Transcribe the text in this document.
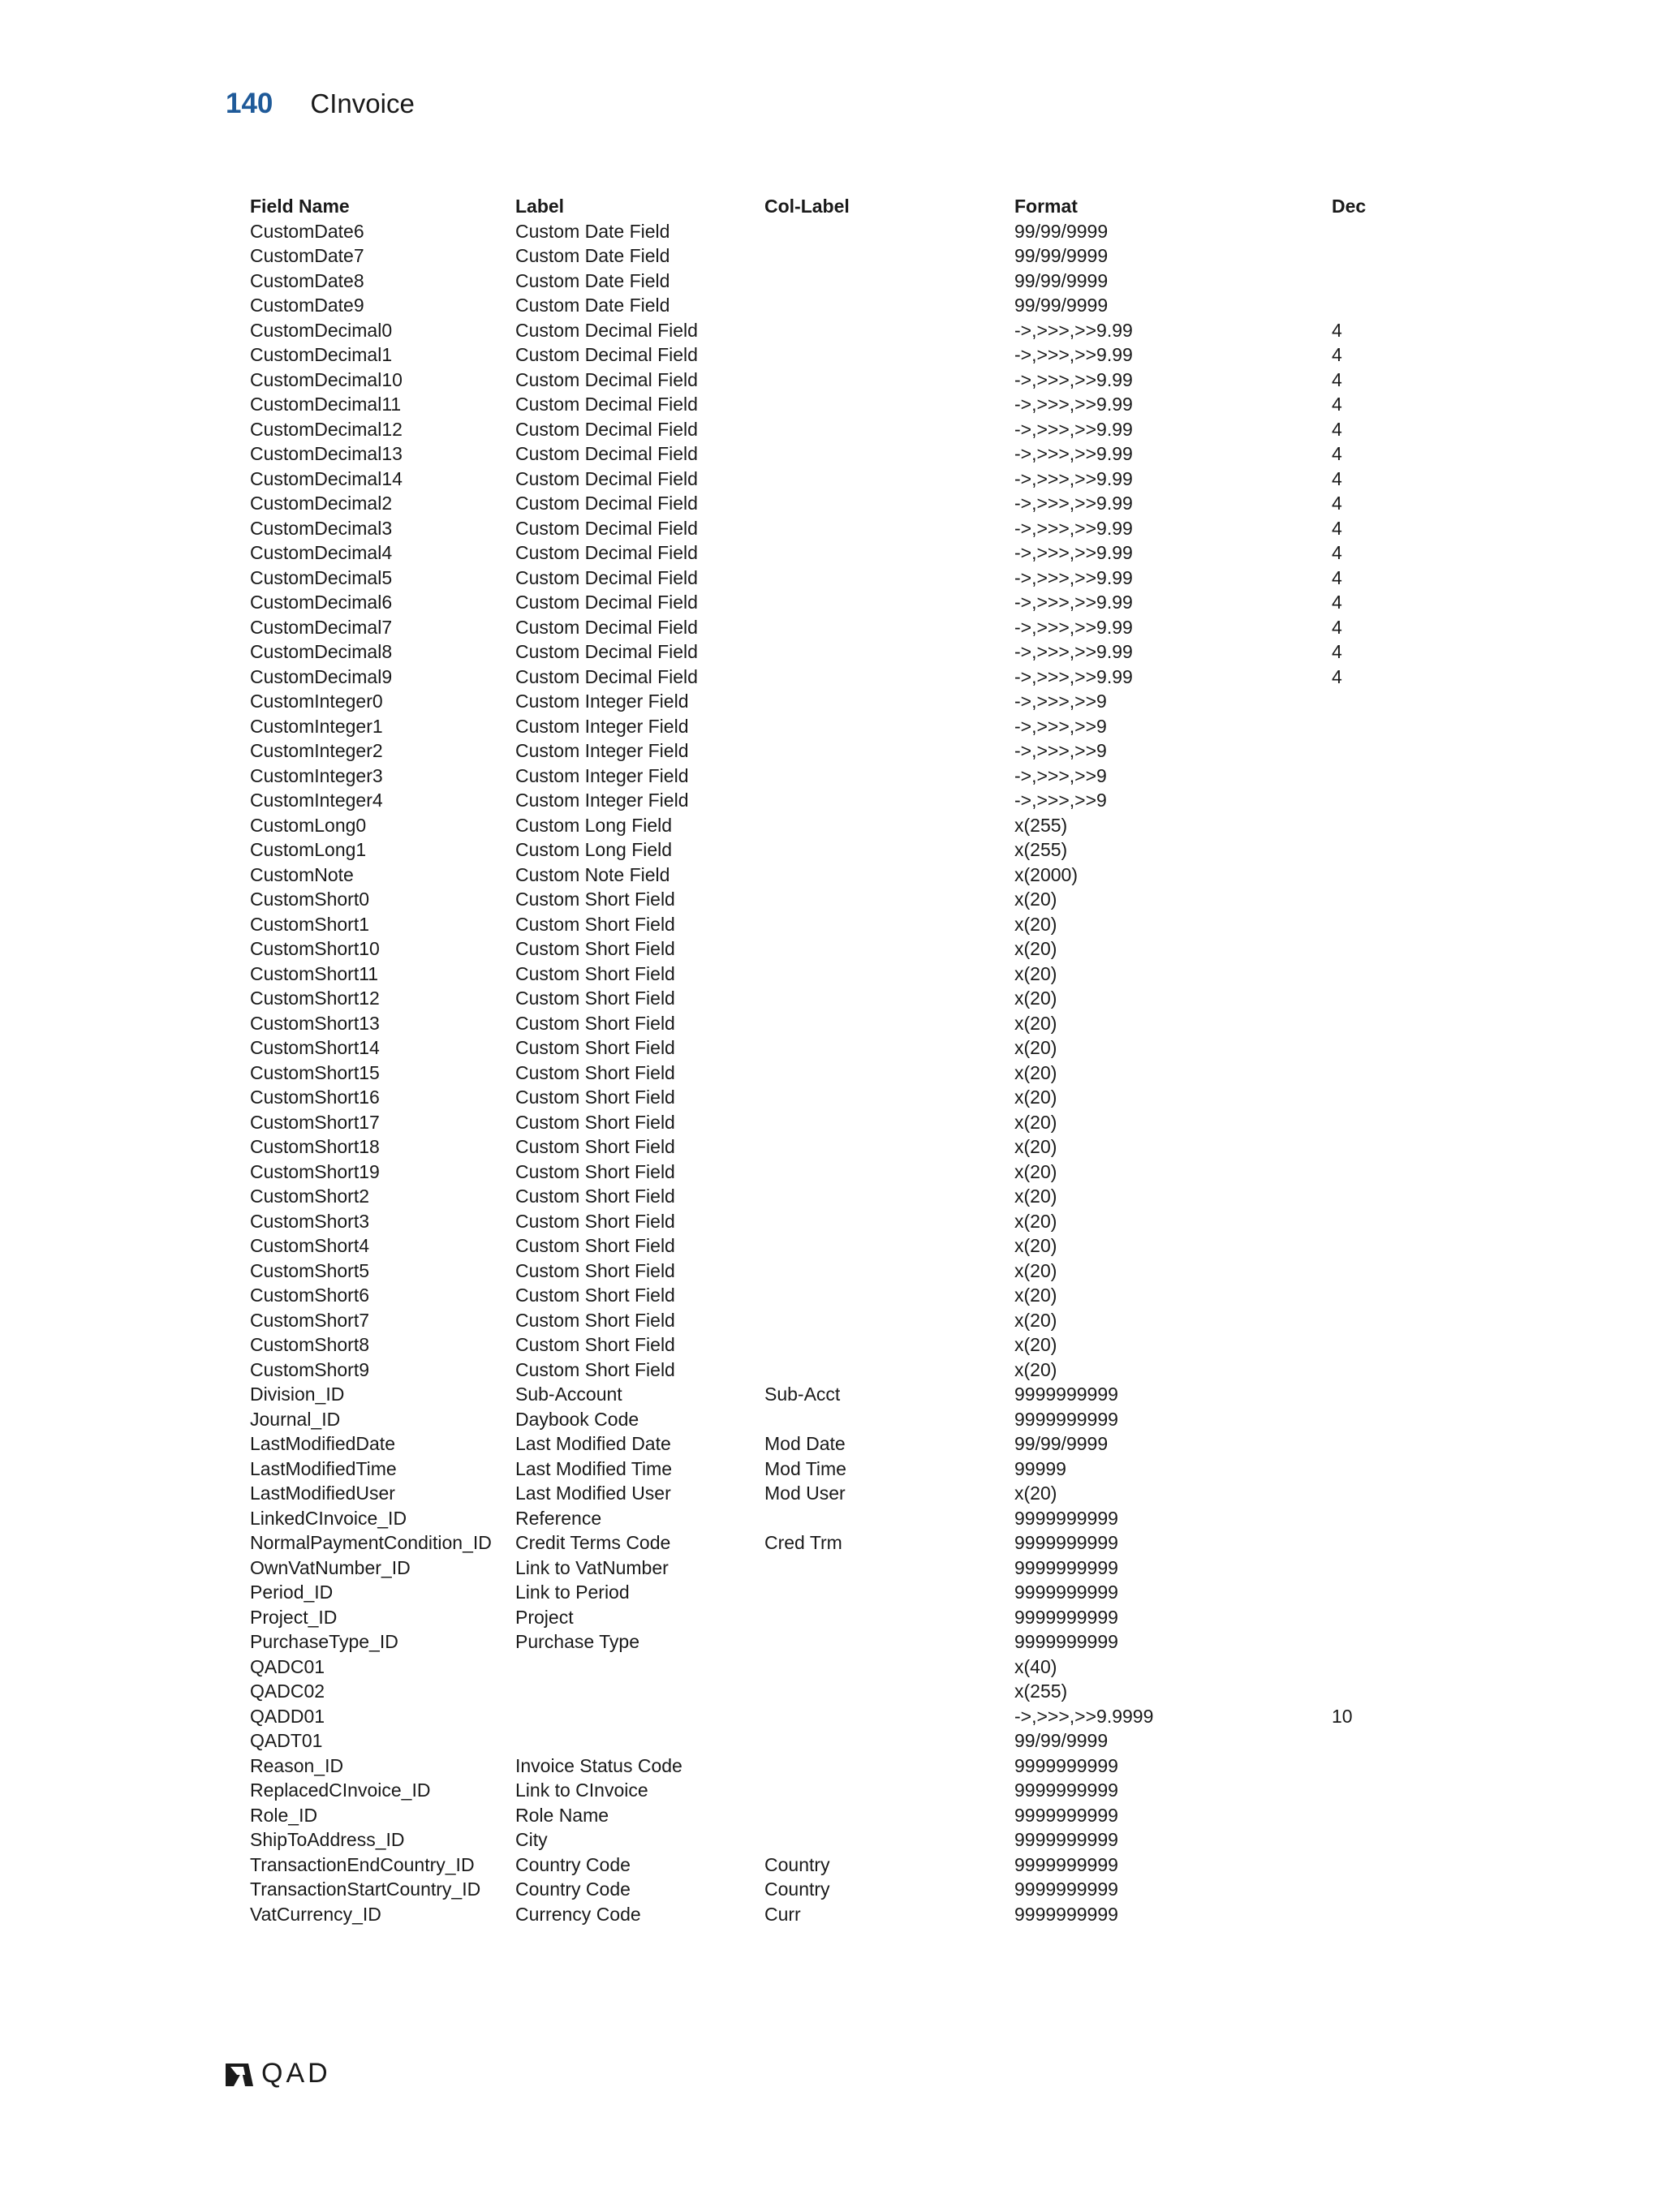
140 CInvoice
Field Name	Label	Col-Label	Format	Dec
CustomDate6	Custom Date Field		99/99/9999	
CustomDate7	Custom Date Field		99/99/9999	
CustomDate8	Custom Date Field		99/99/9999	
CustomDate9	Custom Date Field		99/99/9999	
CustomDecimal0	Custom Decimal Field		->,>>>,>>9.99	4
CustomDecimal1	Custom Decimal Field		->,>>>,>>9.99	4
CustomDecimal10	Custom Decimal Field		->,>>>,>>9.99	4
CustomDecimal11	Custom Decimal Field		->,>>>,>>9.99	4
CustomDecimal12	Custom Decimal Field		->,>>>,>>9.99	4
CustomDecimal13	Custom Decimal Field		->,>>>,>>9.99	4
CustomDecimal14	Custom Decimal Field		->,>>>,>>9.99	4
CustomDecimal2	Custom Decimal Field		->,>>>,>>9.99	4
CustomDecimal3	Custom Decimal Field		->,>>>,>>9.99	4
CustomDecimal4	Custom Decimal Field		->,>>>,>>9.99	4
CustomDecimal5	Custom Decimal Field		->,>>>,>>9.99	4
CustomDecimal6	Custom Decimal Field		->,>>>,>>9.99	4
CustomDecimal7	Custom Decimal Field		->,>>>,>>9.99	4
CustomDecimal8	Custom Decimal Field		->,>>>,>>9.99	4
CustomDecimal9	Custom Decimal Field		->,>>>,>>9.99	4
CustomInteger0	Custom Integer Field		->,>>>,>>9	
CustomInteger1	Custom Integer Field		->,>>>,>>9	
CustomInteger2	Custom Integer Field		->,>>>,>>9	
CustomInteger3	Custom Integer Field		->,>>>,>>9	
CustomInteger4	Custom Integer Field		->,>>>,>>9	
CustomLong0	Custom Long Field		x(255)	
CustomLong1	Custom Long Field		x(255)	
CustomNote	Custom Note Field		x(2000)	
CustomShort0	Custom Short Field		x(20)	
CustomShort1	Custom Short Field		x(20)	
CustomShort10	Custom Short Field		x(20)	
CustomShort11	Custom Short Field		x(20)	
CustomShort12	Custom Short Field		x(20)	
CustomShort13	Custom Short Field		x(20)	
CustomShort14	Custom Short Field		x(20)	
CustomShort15	Custom Short Field		x(20)	
CustomShort16	Custom Short Field		x(20)	
CustomShort17	Custom Short Field		x(20)	
CustomShort18	Custom Short Field		x(20)	
CustomShort19	Custom Short Field		x(20)	
CustomShort2	Custom Short Field		x(20)	
CustomShort3	Custom Short Field		x(20)	
CustomShort4	Custom Short Field		x(20)	
CustomShort5	Custom Short Field		x(20)	
CustomShort6	Custom Short Field		x(20)	
CustomShort7	Custom Short Field		x(20)	
CustomShort8	Custom Short Field		x(20)	
CustomShort9	Custom Short Field		x(20)	
Division_ID	Sub-Account	Sub-Acct	9999999999	
Journal_ID	Daybook Code		9999999999	
LastModifiedDate	Last Modified Date	Mod Date	99/99/9999	
LastModifiedTime	Last Modified Time	Mod Time	99999	
LastModifiedUser	Last Modified User	Mod User	x(20)	
LinkedCInvoice_ID	Reference		9999999999	
NormalPaymentCondition_ID	Credit Terms Code	Cred Trm	9999999999	
OwnVatNumber_ID	Link to VatNumber		9999999999	
Period_ID	Link to Period		9999999999	
Project_ID	Project		9999999999	
PurchaseType_ID	Purchase Type		9999999999	
QADC01			x(40)	
QADC02			x(255)	
QADD01			->,>>>,>>9.9999	10
QADT01			99/99/9999	
Reason_ID	Invoice Status Code		9999999999	
ReplacedCInvoice_ID	Link to CInvoice		9999999999	
Role_ID	Role Name		9999999999	
ShipToAddress_ID	City		9999999999	
TransactionEndCountry_ID	Country Code	Country	9999999999	
TransactionStartCountry_ID	Country Code	Country	9999999999	
VatCurrency_ID	Currency Code	Curr	9999999999	
QAD
